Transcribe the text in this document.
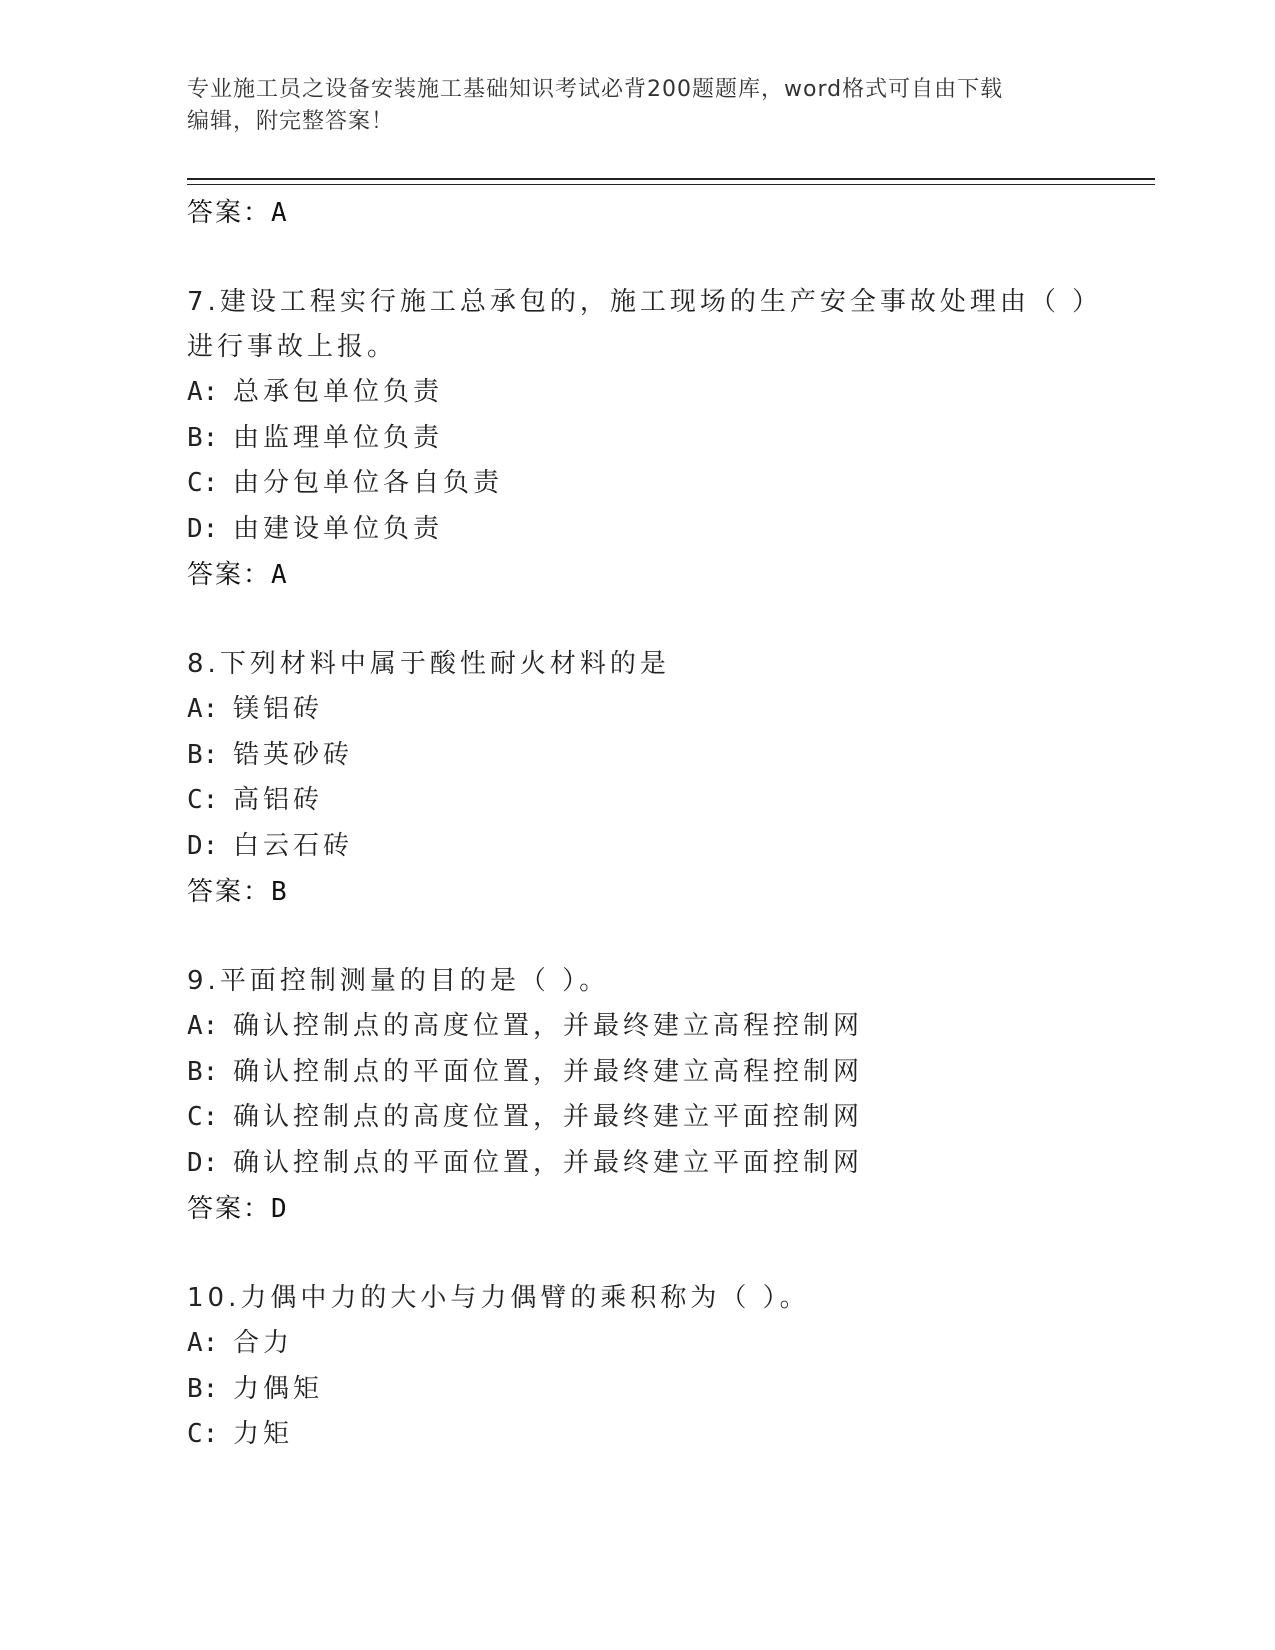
专业施工员之设备安装施工基础知识考试必背200题题库，word格式可自由下载

编辑，附完整答案！

答案：A
7.建设工程实行施工总承包的，施工现场的生产安全事故处理由（ ）
进行事故上报。
A: 总承包单位负责
B: 由监理单位负责
C: 由分包单位各自负责
D: 由建设单位负责
答案：A
8.下列材料中属于酸性耐火材料的是
A: 镁铝砖
B: 锆英砂砖
C: 高铝砖
D: 白云石砖
答案：B
9.平面控制测量的目的是（ ）。
A: 确认控制点的高度位置，并最终建立高程控制网
B: 确认控制点的平面位置，并最终建立高程控制网
C: 确认控制点的高度位置，并最终建立平面控制网
D: 确认控制点的平面位置，并最终建立平面控制网
答案：D
10.力偶中力的大小与力偶臂的乘积称为（ ）。
A: 合力
B: 力偶矩
C: 力矩
